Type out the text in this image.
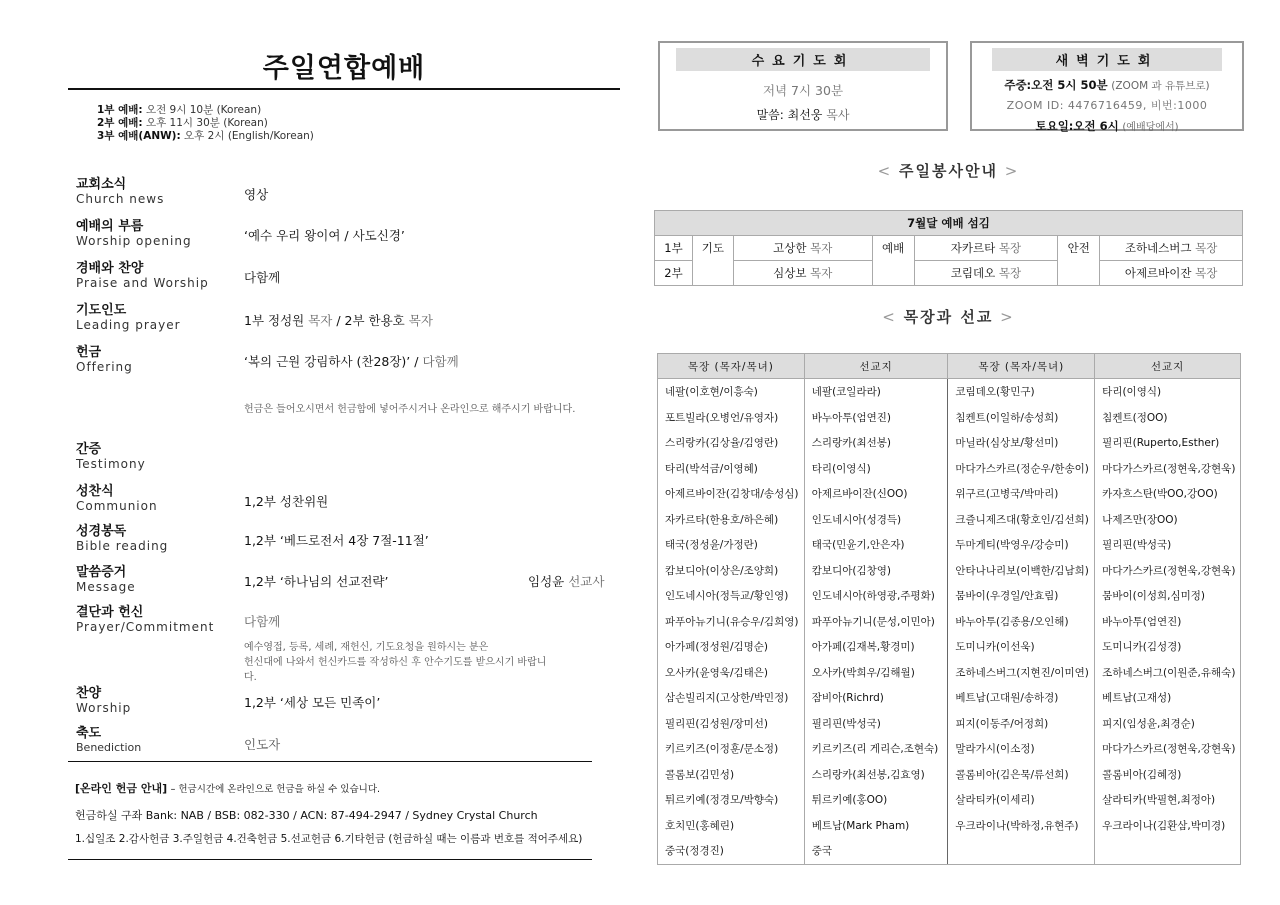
주일연합예배
1부 예배: 오전 9시 10분 (Korean)
2부 예배: 오후 11시 30분 (Korean)
3부 예배(ANW): 오후 2시 (English/Korean)
교회소식
Church news	영상
예배의 부름
Worship opening	‘예수 우리 왕이여 / 사도신경’
경배와 찬양
Praise and Worship	다함께
기도인도
Leading prayer	1부 정성원 목자 / 2부 한용호 목자
헌금
Offering	‘복의 근원 강림하사 (찬28장)’ / 다함께
헌금은 들어오시면서 헌금함에 넣어주시거나 온라인으로 해주시기 바랍니다.
간증
Testimony
성찬식
Communion	1,2부 성찬위원
성경봉독
Bible reading	1,2부 ‘베드로전서 4장 7절-11절’
말씀증거
Message	1,2부 ‘하나님의 선교전략’	임성윤 선교사
결단과 헌신
Prayer/Commitment 다함께
예수영접, 등록, 세례, 재헌신, 기도요청을 원하시는 분은
헌신대에 나와서 헌신카드를 작성하신 후 안수기도를 받으시기 바랍니
다.
찬양
Worship	1,2부 ‘세상 모든 민족이’
축도
Benediction	인도자
[온라인 헌금 안내] – 헌금시간에 온라인으로 헌금을 하실 수 있습니다.
헌금하실 구좌 Bank: NAB / BSB: 082-330 / ACN: 87-494-2947 / Sydney Crystal Church
1.십일조 2.감사헌금 3.주일헌금 4.건축헌금 5.선교헌금 6.기타헌금 (헌금하실 때는 이름과 번호를 적어주세요)
수요기도회
저녁 7시 30분
말씀: 최선웅 목사
새벽기도회
주중:오전 5시 50분 (ZOOM 과 유튜브로)
ZOOM ID: 4476716459, 비번:1000
토요일:오전 6시 (예배당에서)
< 주일봉사안내 >
7월달 예배 섬김						
1부	기도	고상한 목자	예배	자카르타 목장	안전	조하네스버그 목장
2부		심상보 목자		코림데오 목장		아제르바이잔 목장
< 목장과 선교 >
목장 (목자/목녀)	선교지	목장 (목자/목녀)	선교지
네팔(이호현/이흥숙)	네팔(코일라라)	코림데오(황민구)	타리(이영식)
포트빌라(오병언/유영자)	바누아투(엄연진)	침켄트(이일하/송성희)	침켄트(정OO)
스리랑카(김상율/김영란)	스리랑카(최선봉)	마닐라(심상보/황선미)	필리핀(Ruperto,Esther)
타리(박석금/이영혜)	타리(이영식)	마다가스카르(정순우/한송이)	마다가스카르(정현욱,강현욱)
아제르바이잔(김창대/송성심)	아제르바이잔(신OO)	위구르(고병국/박마리)	카자흐스탄(박OO,강OO)
자카르타(한용호/하은혜)	인도네시아(성경득)	크즐니제즈대(황호인/김선희)	나제즈만(장OO)
태국(정성윤/가정란)	태국(민윤기,안은자)	두마게티(박영우/강승미)	필리핀(박성국)
캄보디아(이상은/조양희)	캄보디아(김창영)	안타나나리보(이백한/김남희)	마다가스카르(정현욱,강현욱)
인도네시아(정득교/황인영)	인도네시아(하영광,주평화)	뭄바이(우경일/안효림)	뭄바이(이성희,심미정)
파푸아뉴기니(유승우/김희영)	파푸아뉴기니(문성,이민아)	바누아투(김종용/오인해)	바누아투(엄연진)
아가페(정성원/김명순)	아가페(김재복,황경미)	도미니카(이선욱)	도미니카(김성경)
오사카(윤영욱/김태은)	오사카(박희우/김해월)	조하네스버그(지현진/이미연)	조하네스버그(이원준,유해숙)
삼손빌리지(고상한/박민정)	잠비아(Richrd)	베트남(고대원/송하경)	베트남(고재성)
필리핀(김성원/장미선)	필리핀(박성국)	피지(이동주/어정희)	피지(임성윤,최경순)
키르키즈(이정훈/문소정)	키르키즈(리 게리슨,조현숙)	말라가시(이소정)	마다가스카르(정현욱,강현욱)
콜롬보(김민성)	스리랑카(최선봉,김효영)	콜롬비아(김은묵/류선희)	콜롬비아(김혜정)
튀르키예(정경모/박향숙)	튀르키예(홍OO)	살라티카(이세리)	살라티카(박필현,최정아)
호치민(홍혜린)	베트남(Mark Pham)	우크라이나(박하정,유현주)	우크라이나(김환삼,박미경)
중국(정경진)	중국		
